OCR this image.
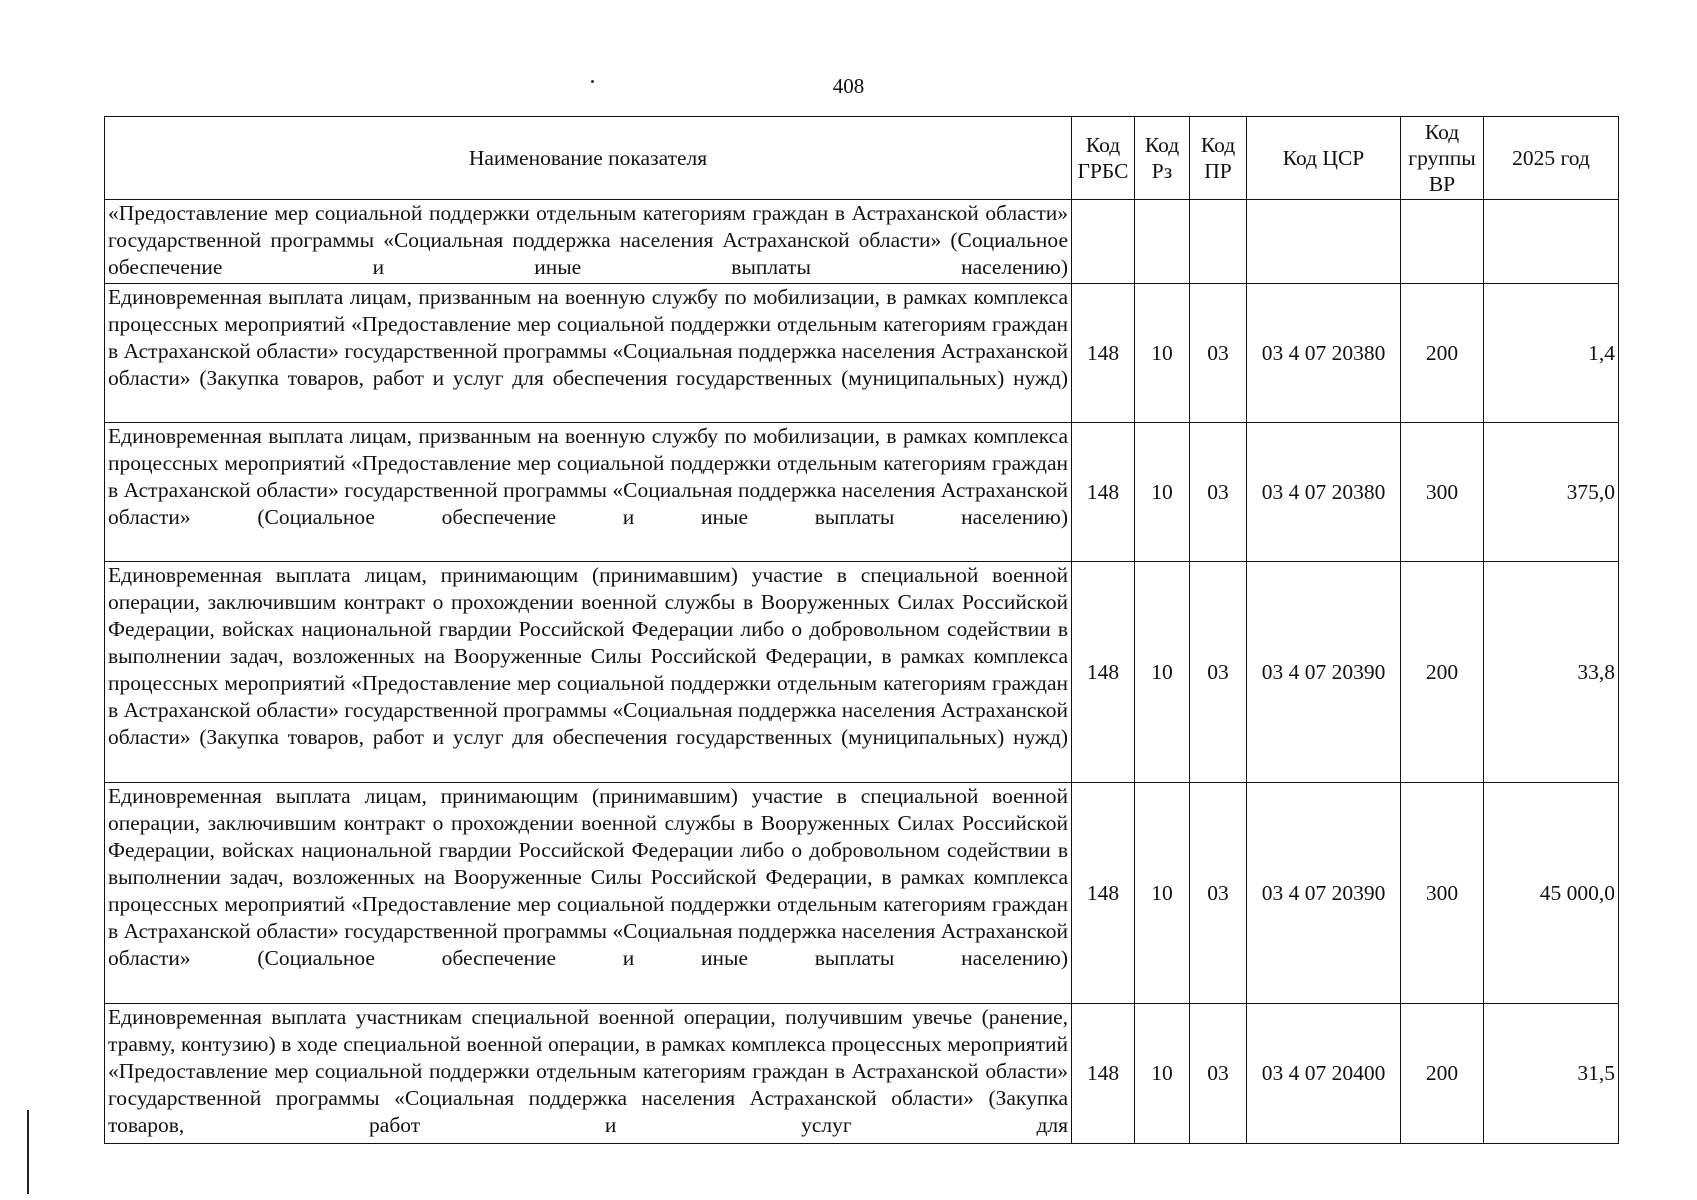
408
Наименование показателя	Код ГРБС	Код Рз	Код ПР	Код ЦСР	Код группы ВР	2025 год
«Предоставление мер социальной поддержки отдельным категориям граждан в Астраханской области» государственной программы «Социальная поддержка населения Астраханской области» (Социальное обеспечение и иные выплаты населению)						
Единовременная выплата лицам, призванным на военную службу по мобилизации, в рамках комплекса процессных мероприятий «Предоставление мер социальной поддержки отдельным категориям граждан в Астраханской области» государственной программы «Социальная поддержка населения Астраханской области» (Закупка товаров, работ и услуг для обеспечения государственных (муниципальных) нужд)	148	10	03	03 4 07 20380	200	1,4
Единовременная выплата лицам, призванным на военную службу по мобилизации, в рамках комплекса процессных мероприятий «Предоставление мер социальной поддержки отдельным категориям граждан в Астраханской области» государственной программы «Социальная поддержка населения Астраханской области» (Социальное обеспечение и иные выплаты населению)	148	10	03	03 4 07 20380	300	375,0
Единовременная выплата лицам, принимающим (принимавшим) участие в специальной военной операции, заключившим контракт о прохождении военной службы в Вооруженных Силах Российской Федерации, войсках национальной гвардии Российской Федерации либо о добровольном содействии в выполнении задач, возложенных на Вооруженные Силы Российской Федерации, в рамках комплекса процессных мероприятий «Предоставление мер социальной поддержки отдельным категориям граждан в Астраханской области» государственной программы «Социальная поддержка населения Астраханской области» (Закупка товаров, работ и услуг для обеспечения государственных (муниципальных) нужд)	148	10	03	03 4 07 20390	200	33,8
Единовременная выплата лицам, принимающим (принимавшим) участие в специальной военной операции, заключившим контракт о прохождении военной службы в Вооруженных Силах Российской Федерации, войсках национальной гвардии Российской Федерации либо о добровольном содействии в выполнении задач, возложенных на Вооруженные Силы Российской Федерации, в рамках комплекса процессных мероприятий «Предоставление мер социальной поддержки отдельным категориям граждан в Астраханской области» государственной программы «Социальная поддержка населения Астраханской области» (Социальное обеспечение и иные выплаты населению)	148	10	03	03 4 07 20390	300	45 000,0
Единовременная выплата участникам специальной военной операции, получившим увечье (ранение, травму, контузию) в ходе специальной военной операции, в рамках комплекса процессных мероприятий «Предоставление мер социальной поддержки отдельным категориям граждан в Астраханской области» государственной программы «Социальная поддержка населения Астраханской области» (Закупка товаров, работ и услуг для	148	10	03	03 4 07 20400	200	31,5
